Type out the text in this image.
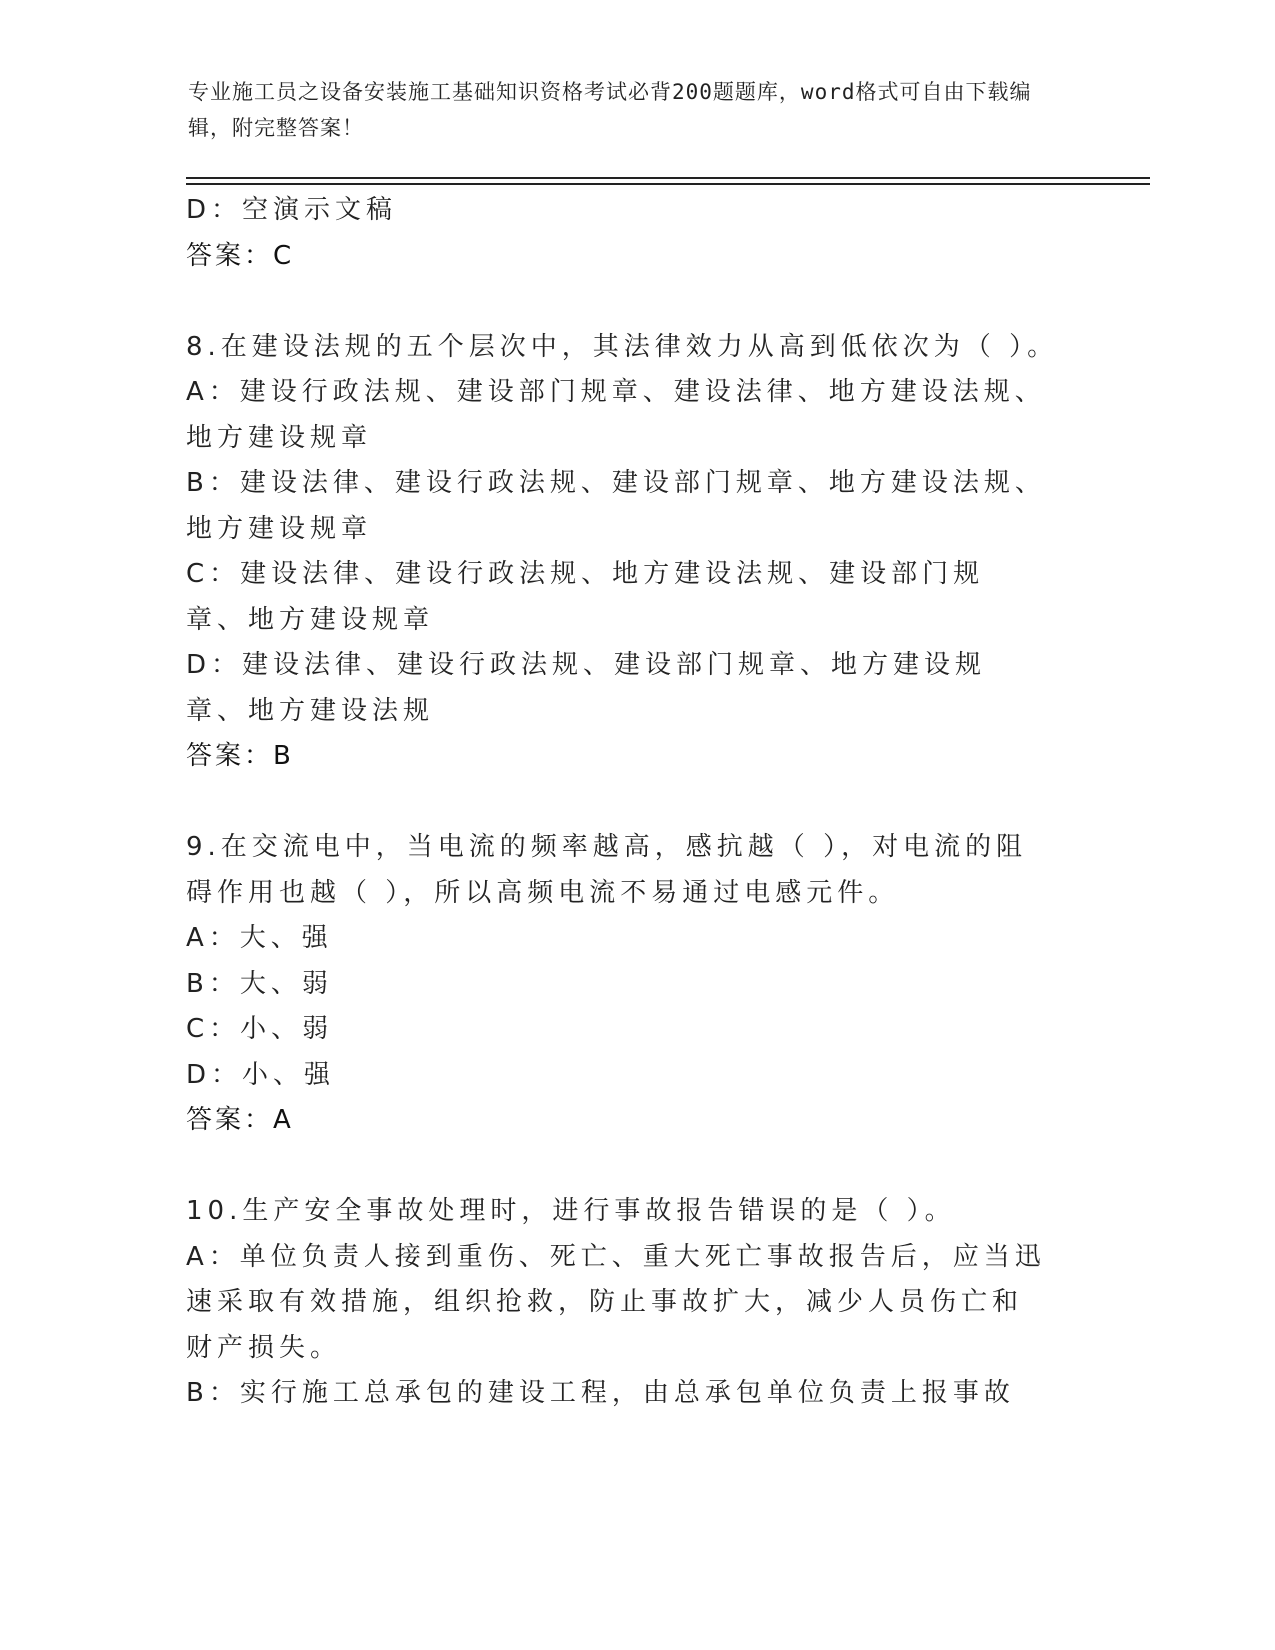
专业施工员之设备安装施工基础知识资格考试必背200题题库，word格式可自由下载编辑，附完整答案！
D：空演示文稿
答案：C
8.在建设法规的五个层次中，其法律效力从高到低依次为（ ）。
A：建设行政法规、建设部门规章、建设法律、地方建设法规、地方建设规章
B：建设法律、建设行政法规、建设部门规章、地方建设法规、地方建设规章
C：建设法律、建设行政法规、地方建设法规、建设部门规章、地方建设规章
D：建设法律、建设行政法规、建设部门规章、地方建设规章、地方建设法规
答案：B
9.在交流电中，当电流的频率越高，感抗越（ ），对电流的阻碍作用也越（ ），所以高频电流不易通过电感元件。
A：大、强
B：大、弱
C：小、弱
D：小、强
答案：A
10.生产安全事故处理时，进行事故报告错误的是（ ）。
A：单位负责人接到重伤、死亡、重大死亡事故报告后，应当迅速采取有效措施，组织抢救，防止事故扩大，减少人员伤亡和财产损失。
B：实行施工总承包的建设工程，由总承包单位负责上报事故
